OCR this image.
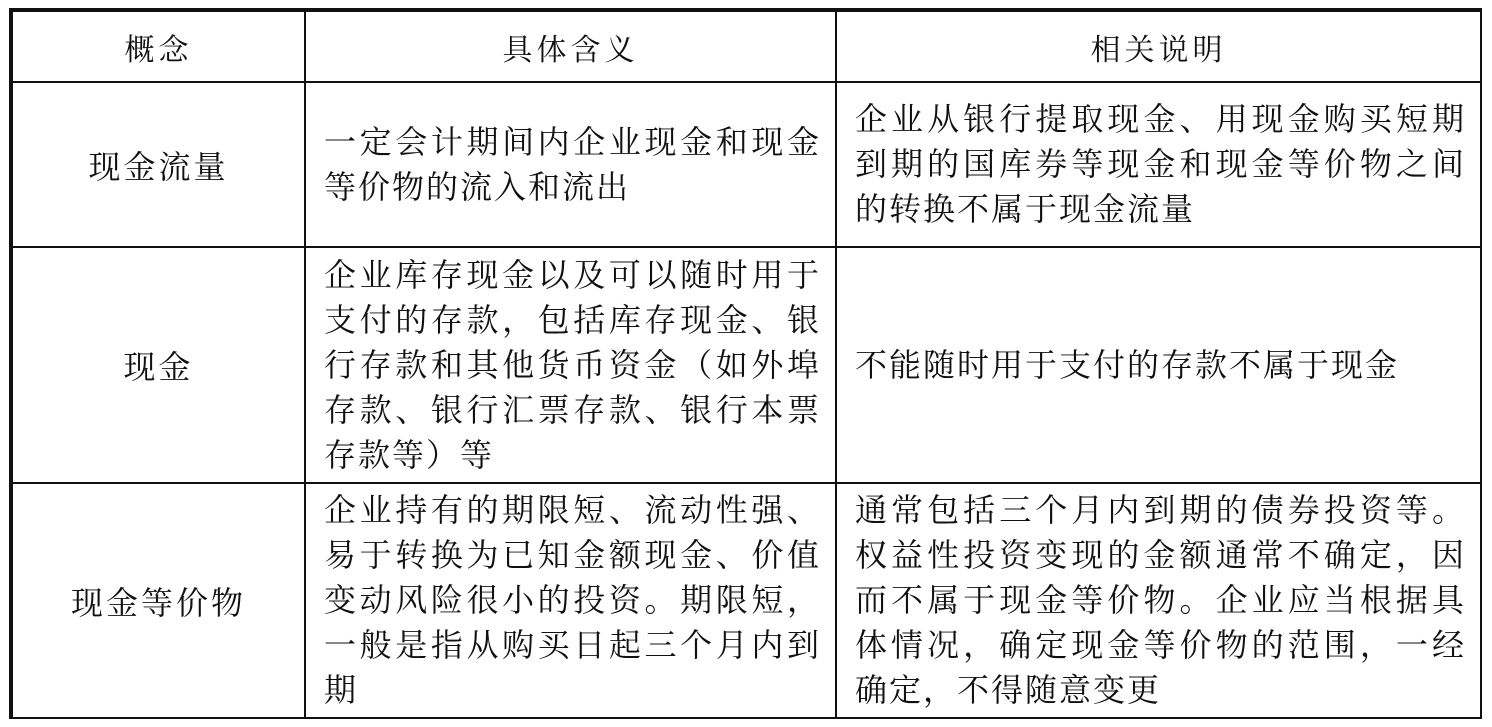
概念	具体含义	相关说明
现金流量	一定会计期间内企业现金和现金等价物的流入和流出	企业从银行提取现金、用现金购买短期到期的国库券等现金和现金等价物之间的转换不属于现金流量
现金	企业库存现金以及可以随时用于支付的存款，包括库存现金、银行存款和其他货币资金（如外埠存款、银行汇票存款、银行本票存款等）等	不能随时用于支付的存款不属于现金
现金等价物	企业持有的期限短、流动性强、易于转换为已知金额现金、价值变动风险很小的投资。期限短，一般是指从购买日起三个月内到期	通常包括三个月内到期的债券投资等。权益性投资变现的金额通常不确定，因而不属于现金等价物。企业应当根据具体情况，确定现金等价物的范围，一经确定，不得随意变更
